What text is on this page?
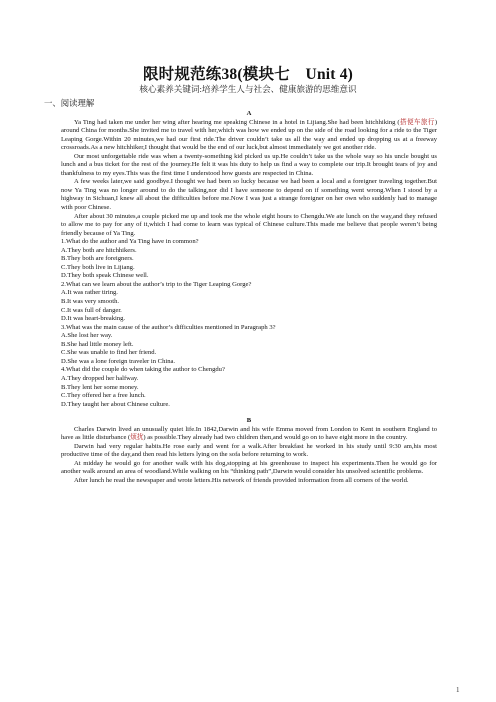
限时规范练38(模块七　Unit 4)
核心素养关键词:培养学生人与社会、健康旅游的思维意识
一、阅读理解

A

Ya Ting had taken me under her wing after hearing me speaking Chinese in a hotel in Lijiang.She had been hitchhiking (搭便车旅行) around China for months.She invited me to travel with her,which was how we ended up on the side of the road looking for a ride to the Tiger Leaping Gorge.Within 20 minutes,we had our first ride.The driver couldn’t take us all the way and ended up dropping us at a freeway crossroads.As a new hitchhiker,I thought that would be the end of our luck,but almost immediately we got another ride.

Our most unforgettable ride was when a twenty-something kid picked us up.He couldn’t take us the whole way so his uncle bought us lunch and a bus ticket for the rest of the journey.He felt it was his duty to help us find a way to complete our trip.It brought tears of joy and thankfulness to my eyes.This was the first time I understood how guests are respected in China.

A few weeks later,we said goodbye.I thought we had been so lucky because we had been a local and a foreigner traveling together.But now Ya Ting was no longer around to do the talking,nor did I have someone to depend on if something went wrong.When I stood by a highway in Sichuan,I knew all about the difficulties before me.Now I was just a strange foreigner on her own who suddenly had to manage with poor Chinese.

After about 30 minutes,a couple picked me up and took me the whole eight hours to Chengdu.We ate lunch on the way,and they refused to allow me to pay for any of it,which I had come to learn was typical of Chinese culture.This made me believe that people weren’t being friendly because of Ya Ting.

1.What do the author and Ya Ting have in common?

A.They both are hitchhikers.

B.They both are foreigners.

C.They both live in Lijiang.

D.They both speak Chinese well.

2.What can we learn about the author’s trip to the Tiger Leaping Gorge?

A.It was rather tiring.

B.It was very smooth.

C.It was full of danger.

D.It was heart-breaking.

3.What was the main cause of the author’s difficulties mentioned in Paragraph 3?

A.She lost her way.

B.She had little money left.

C.She was unable to find her friend.

D.She was a lone foreign traveler in China.

4.What did the couple do when taking the author to Chengdu?

A.They dropped her halfway.

B.They lent her some money.

C.They offered her a free lunch.

D.They taught her about Chinese culture.

B

Charles Darwin lived an unusually quiet life.In 1842,Darwin and his wife Emma moved from London to Kent in southern England to have as little disturbance (烦扰) as possible.They already had two children then,and would go on to have eight more in the country.

Darwin had very regular habits.He rose early and went for a walk.After breakfast he worked in his study until 9:30 am,his most productive time of the day,and then read his letters lying on the sofa before returning to work.

At midday he would go for another walk with his dog,stopping at his greenhouse to inspect his experiments.Then he would go for another walk around an area of woodland.While walking on his “thinking path”,Darwin would consider his unsolved scientific problems.

After lunch he read the newspaper and wrote letters.His network of friends provided information from all corners of the world.

1
